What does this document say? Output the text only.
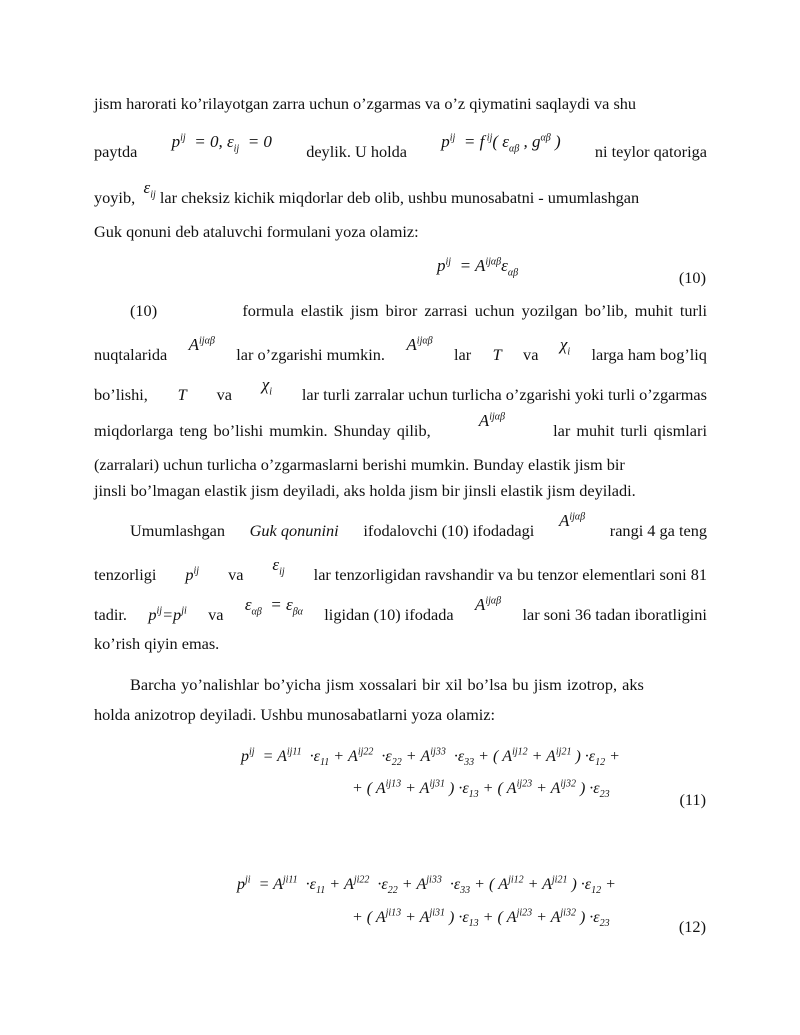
jism harorati ko’rilayotgan zarra uchun o’zgarmas va o’z qiymatini saqlaydi va shu
paytda
$p^{ij} = 0$, $\varepsilon_{ij} = 0$
deylik. U holda
$p^{ij} = f$ $^{ij}$( $\varepsilon_{\alpha\beta}$ , $g^{\alpha\beta}$ )
ni teylor qatoriga
yoyib,  $\varepsilon_{ij}$ lar cheksiz kichik miqdorlar deb olib, ushbu munosabatni - umumlashgan
Guk qonuni deb ataluvchi formulani yoza olamiz:
$p^{ij} = A^{ij\alpha\beta}\varepsilon_{\alpha\beta}$	(10)
(10)	formula elastik jism biror zarrasi uchun yozilgan bo’lib, muhit turli
nuqtalarida
$A^{ij\alpha\beta}$
lar o’zgarishi mumkin.
$A^{ij\alpha\beta}$
lar T va
$\chi_i$ larga ham bog’liq
bo’lishi, T va
$\chi_i$ lar turli zarralar uchun turlicha o’zgarishi yoki turli o’zgarmas
miqdorlarga teng bo’lishi mumkin. Shunday qilib,
$A^{ij\alpha\beta}$
lar muhit turli qismlari
(zarralari) uchun turlicha o’zgarmaslarni berishi mumkin. Bunday elastik jism bir
jinsli bo’lmagan elastik jism deyiladi, aks holda jism bir jinsli elastik jism deyiladi.
Umumlashgan Guk qonunini ifodalovchi (10) ifodadagi
$A^{ij\alpha\beta}$
rangi 4 ga teng
tenzorligi $p^{ij}$ va
$\varepsilon_{ij}$ lar tenzorligidan ravshandir va bu tenzor elementlari soni 81
tadir. $p^{ij}=p^{ji}$ va
$\varepsilon_{\alpha\beta} = \varepsilon_{\beta\alpha}$ ligidan (10) ifodada
$A^{ij\alpha\beta}$
lar soni 36 tadan iboratligini
ko’rish qiyin emas.
Barcha yo’nalishlar bo’yicha jism xossalari bir xil bo’lsa bu jism izotrop, aks
holda anizotrop deyiladi. Ushbu munosabatlarni yoza olamiz:
$p^{ij} = A^{ij11} \cdot\varepsilon_{11} + A^{ij22} \cdot\varepsilon_{22} + A^{ij33} \cdot\varepsilon_{33}$ + ( $A^{ij12} + A^{ij21}$ ) $\cdot\varepsilon_{12}$ +
+ ( $A^{ij13} + A^{ij31}$ ) $\cdot\varepsilon_{13}$ + ( $A^{ij23} + A^{ij32}$ ) $\cdot\varepsilon_{23}$	(11)
$p^{ji} = A^{ji11} \cdot\varepsilon_{11} + A^{ji22} \cdot\varepsilon_{22} + A^{ji33} \cdot\varepsilon_{33}$ + ( $A^{ji12} + A^{ji21}$ ) $\cdot\varepsilon_{12}$ +
+ ( $A^{ji13} + A^{ji31}$ ) $\cdot\varepsilon_{13}$ + ( $A^{ji23} + A^{ji32}$ ) $\cdot\varepsilon_{23}$	(12)
